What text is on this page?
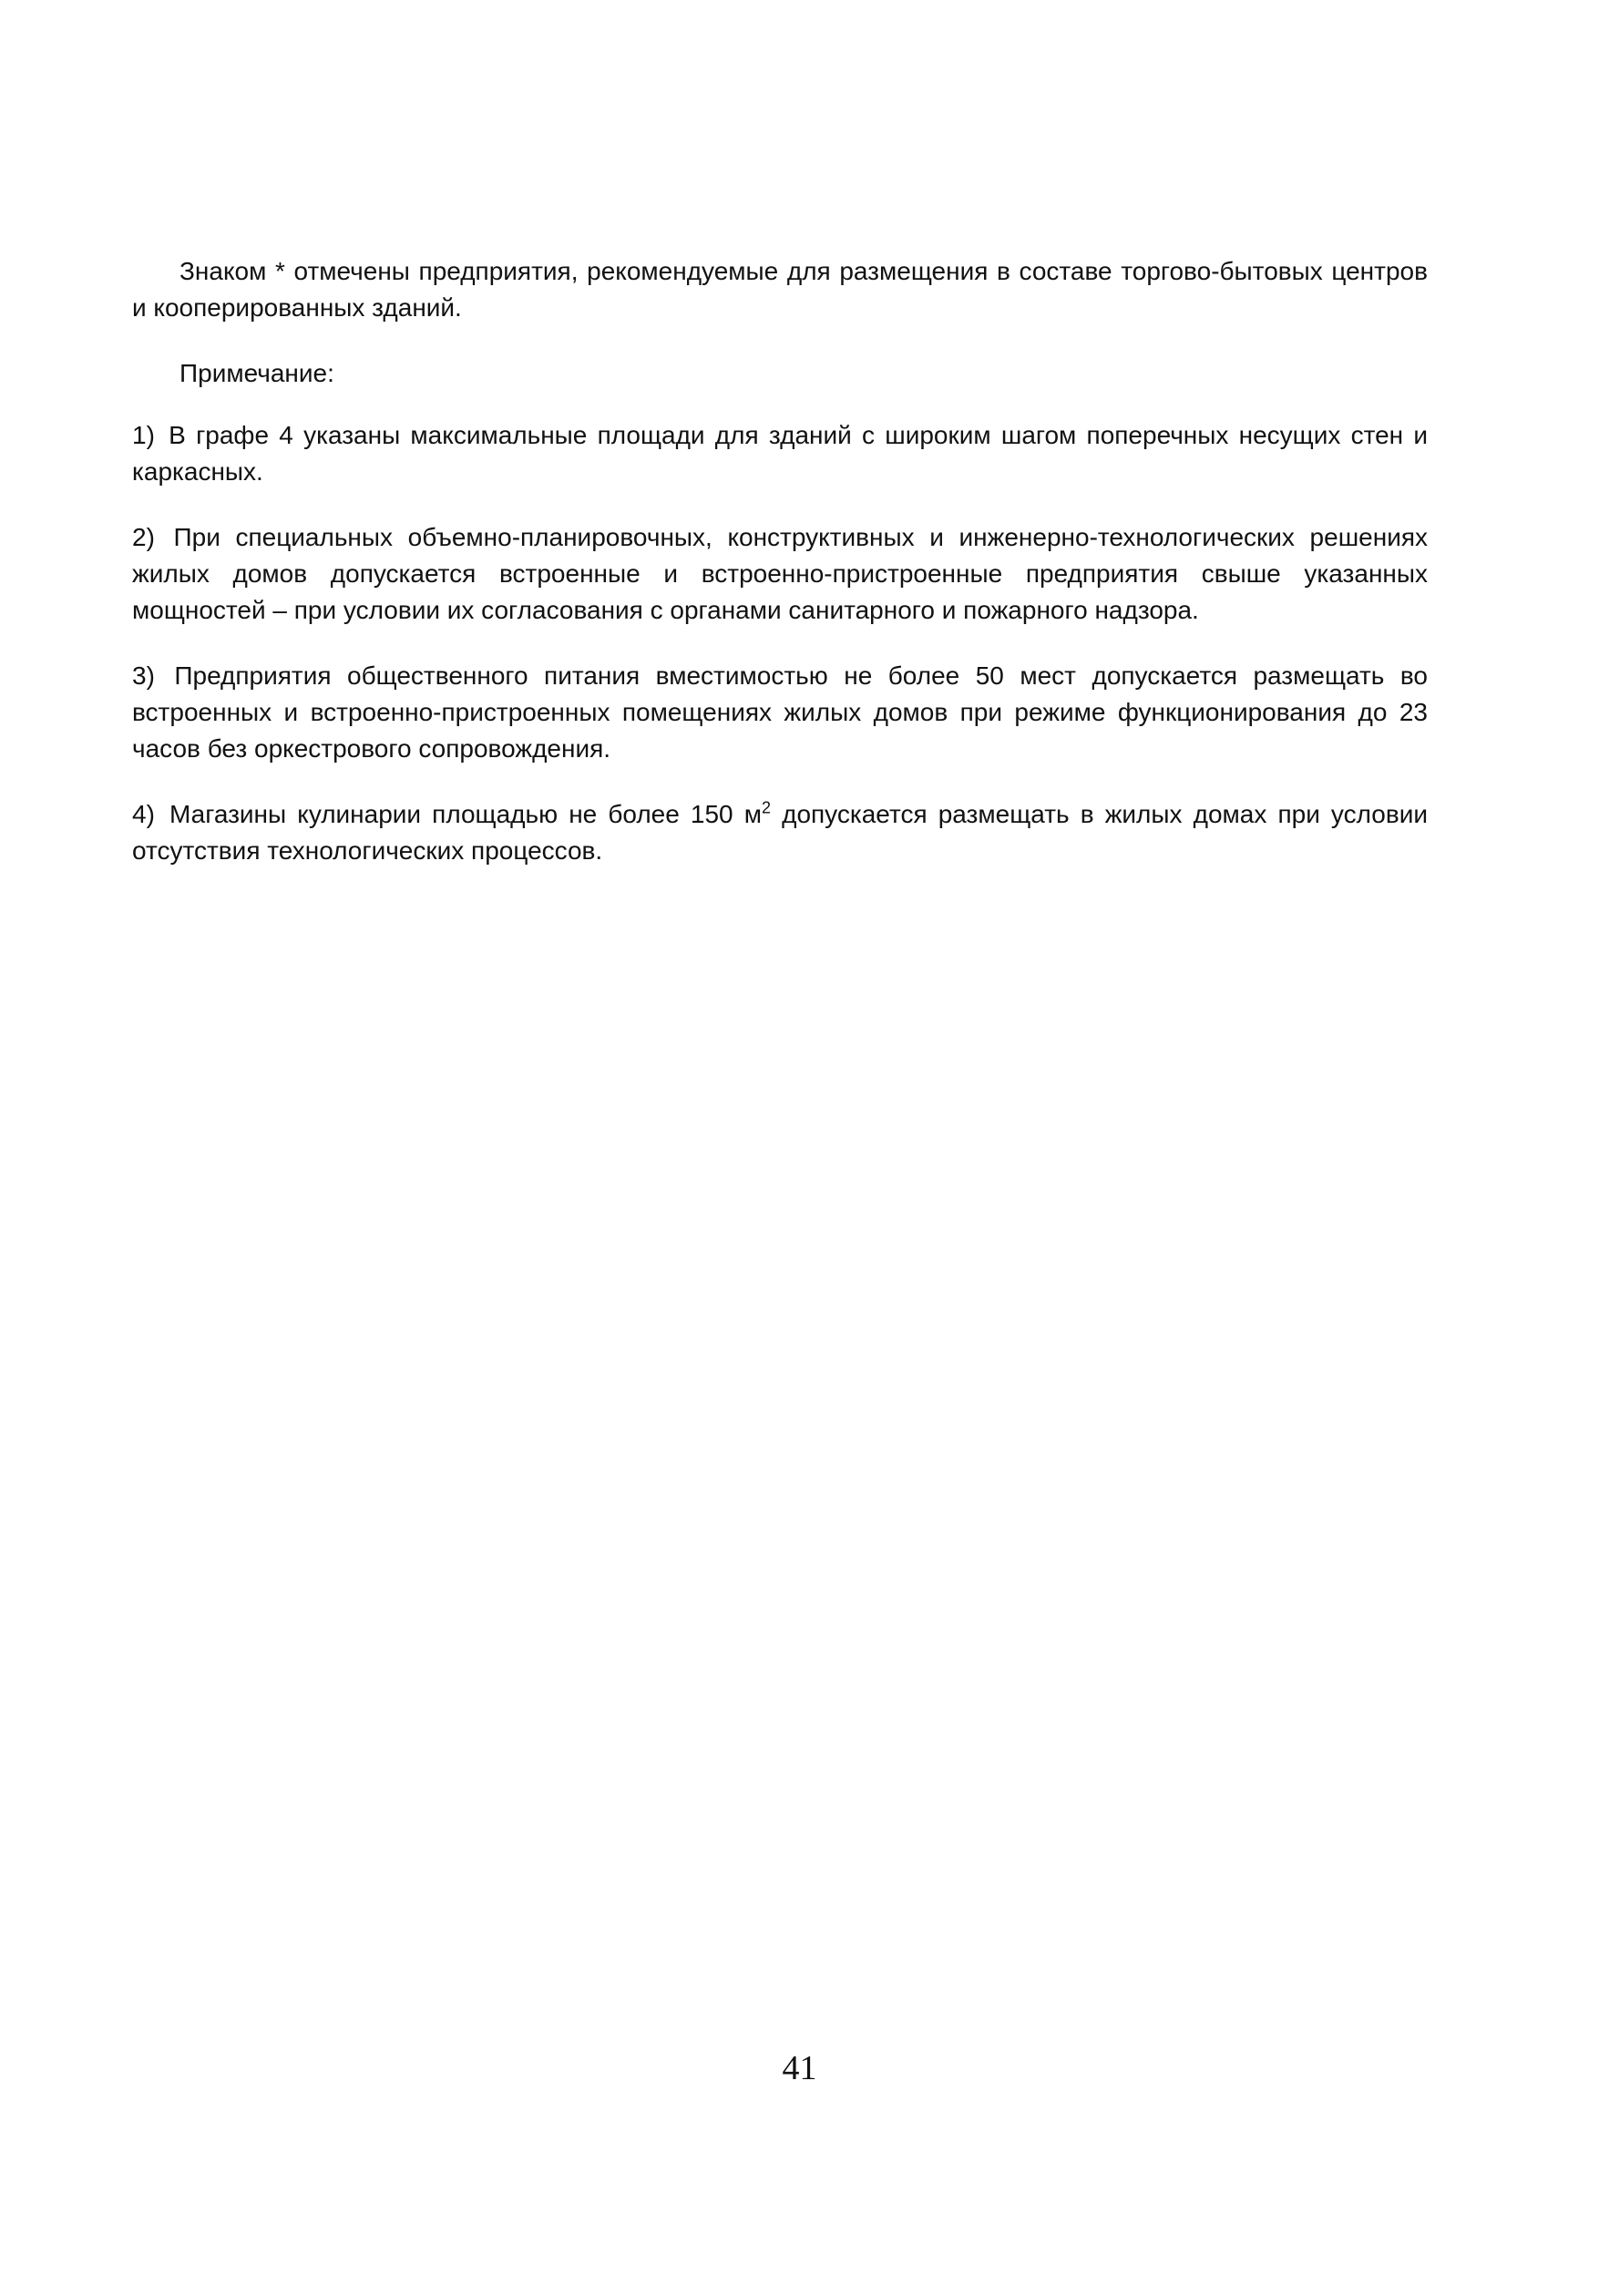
Знаком * отмечены предприятия, рекомендуемые для размещения в составе торгово-бытовых центров и кооперированных зданий.

Примечание:

1) В графе 4 указаны максимальные площади для зданий с широким шагом поперечных несущих стен и каркасных.

2) При специальных объемно-планировочных, конструктивных и инженерно-технологических решениях жилых домов допускается встроенные и встроенно-пристроенные предприятия свыше указанных мощностей – при условии их согласования с органами санитарного и пожарного надзора.

3) Предприятия общественного питания вместимостью не более 50 мест допускается размещать во встроенных и встроенно-пристроенных помещениях жилых домов при режиме функционирования до 23 часов без оркестрового сопровождения.

4) Магазины кулинарии площадью не более 150 $м^2$ допускается размещать в жилых домах при условии отсутствия технологических процессов.

41
